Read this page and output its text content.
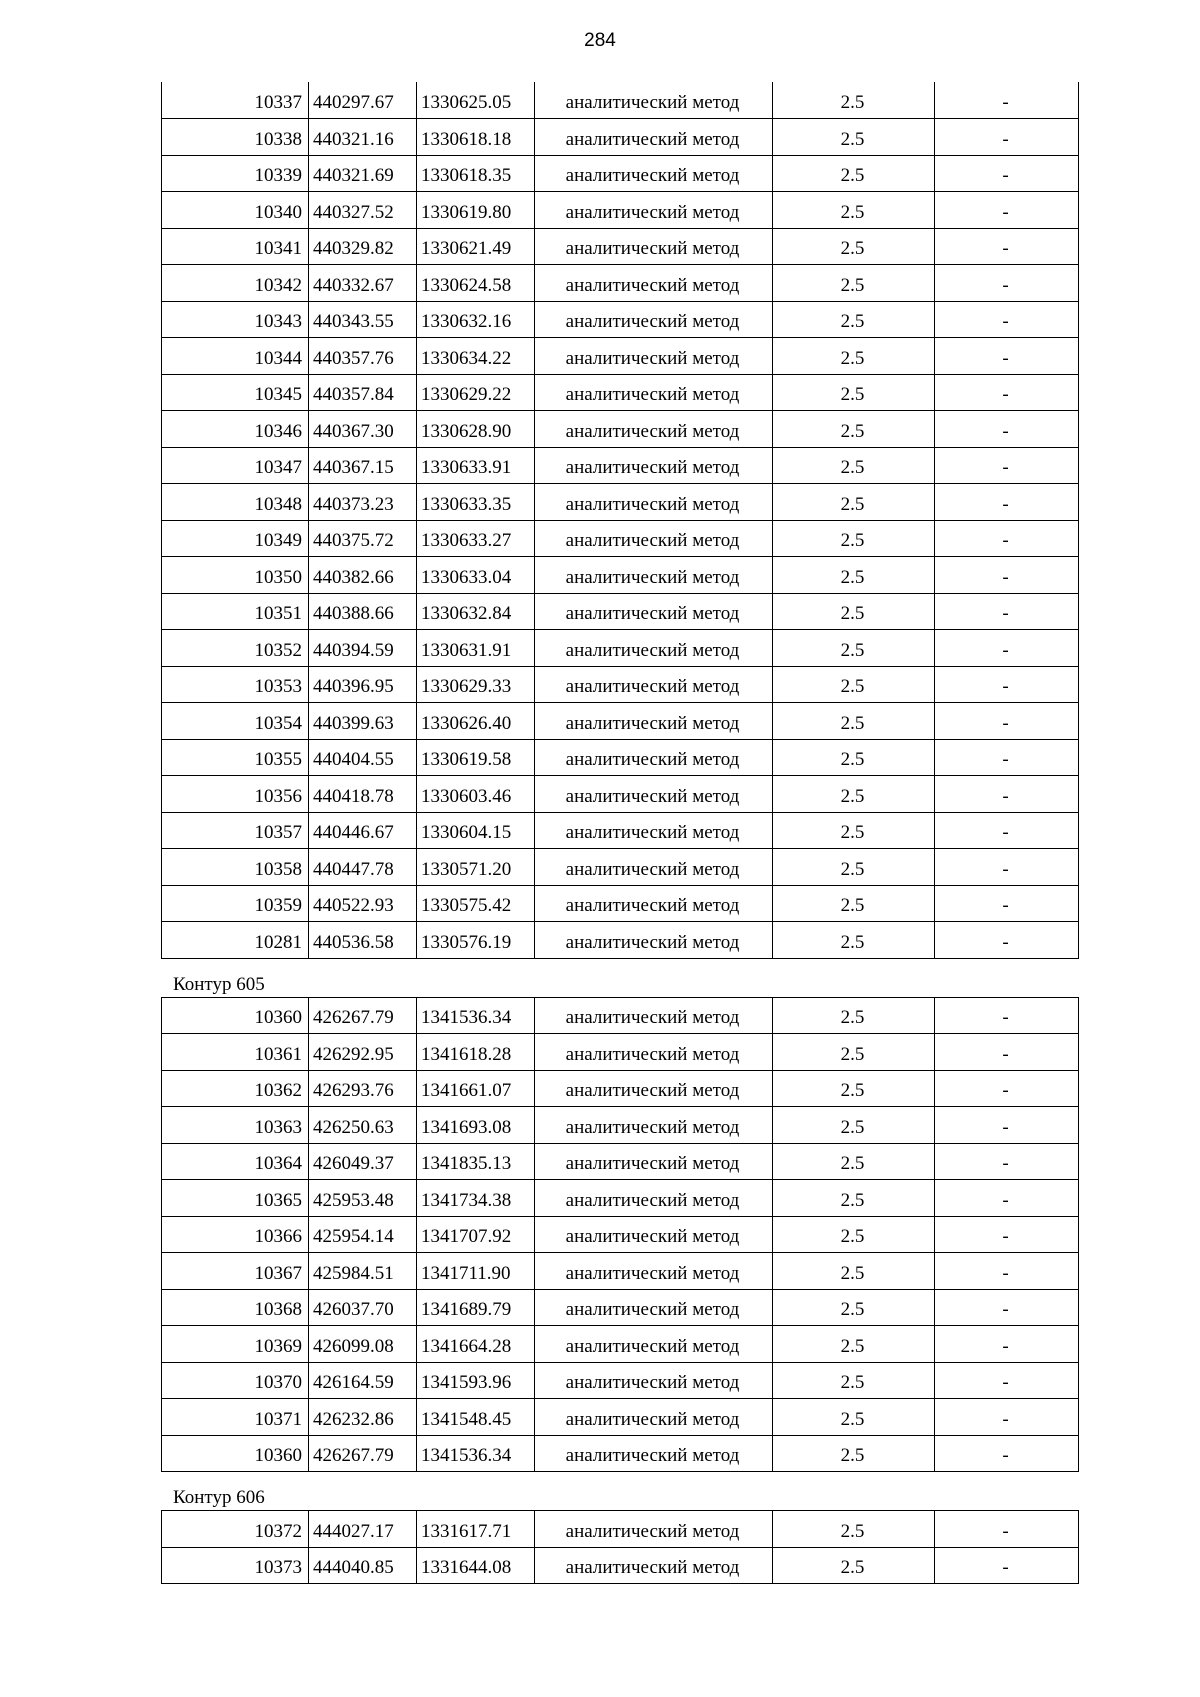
284
10337	440297.67	1330625.05	аналитический метод	2.5	-
10338	440321.16	1330618.18	аналитический метод	2.5	-
10339	440321.69	1330618.35	аналитический метод	2.5	-
10340	440327.52	1330619.80	аналитический метод	2.5	-
10341	440329.82	1330621.49	аналитический метод	2.5	-
10342	440332.67	1330624.58	аналитический метод	2.5	-
10343	440343.55	1330632.16	аналитический метод	2.5	-
10344	440357.76	1330634.22	аналитический метод	2.5	-
10345	440357.84	1330629.22	аналитический метод	2.5	-
10346	440367.30	1330628.90	аналитический метод	2.5	-
10347	440367.15	1330633.91	аналитический метод	2.5	-
10348	440373.23	1330633.35	аналитический метод	2.5	-
10349	440375.72	1330633.27	аналитический метод	2.5	-
10350	440382.66	1330633.04	аналитический метод	2.5	-
10351	440388.66	1330632.84	аналитический метод	2.5	-
10352	440394.59	1330631.91	аналитический метод	2.5	-
10353	440396.95	1330629.33	аналитический метод	2.5	-
10354	440399.63	1330626.40	аналитический метод	2.5	-
10355	440404.55	1330619.58	аналитический метод	2.5	-
10356	440418.78	1330603.46	аналитический метод	2.5	-
10357	440446.67	1330604.15	аналитический метод	2.5	-
10358	440447.78	1330571.20	аналитический метод	2.5	-
10359	440522.93	1330575.42	аналитический метод	2.5	-
10281	440536.58	1330576.19	аналитический метод	2.5	-
Контур 605
10360	426267.79	1341536.34	аналитический метод	2.5	-
10361	426292.95	1341618.28	аналитический метод	2.5	-
10362	426293.76	1341661.07	аналитический метод	2.5	-
10363	426250.63	1341693.08	аналитический метод	2.5	-
10364	426049.37	1341835.13	аналитический метод	2.5	-
10365	425953.48	1341734.38	аналитический метод	2.5	-
10366	425954.14	1341707.92	аналитический метод	2.5	-
10367	425984.51	1341711.90	аналитический метод	2.5	-
10368	426037.70	1341689.79	аналитический метод	2.5	-
10369	426099.08	1341664.28	аналитический метод	2.5	-
10370	426164.59	1341593.96	аналитический метод	2.5	-
10371	426232.86	1341548.45	аналитический метод	2.5	-
10360	426267.79	1341536.34	аналитический метод	2.5	-
Контур 606
10372	444027.17	1331617.71	аналитический метод	2.5	-
10373	444040.85	1331644.08	аналитический метод	2.5	-
